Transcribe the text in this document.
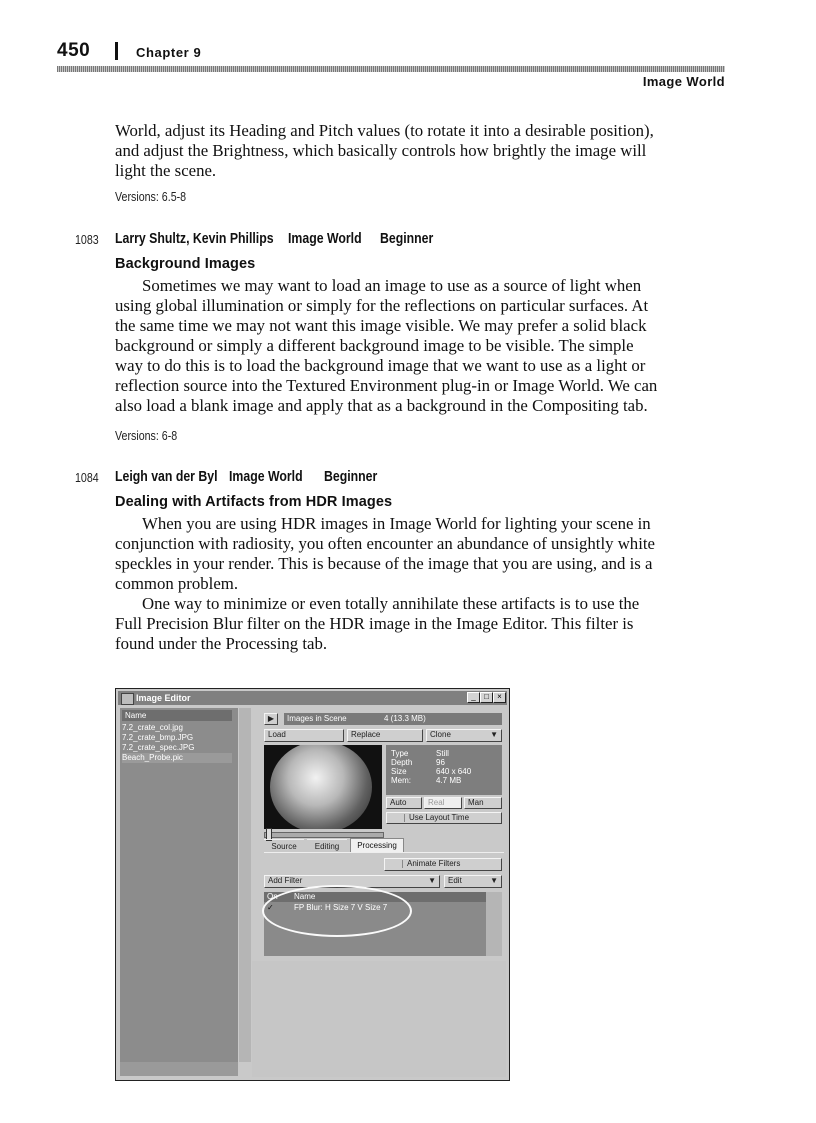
450	Chapter 9
Image World

World, adjust its Heading and Pitch values (to rotate it into a desirable position),

and adjust the Brightness, which basically controls how brightly the image will

light the scene.

Versions: 6.5-8
1083 Larry Shultz, Kevin Phillips Image World Beginner
Background Images

Sometimes we may want to load an image to use as a source of light when

using global illumination or simply for the reflections on particular surfaces. At

the same time we may not want this image visible. We may prefer a solid black

background or simply a different background image to be visible. The simple

way to do this is to load the background image that we want to use as a light or

reflection source into the Textured Environment plug-in or Image World. We can

also load a blank image and apply that as a background in the Compositing tab.

Versions: 6-8
1084 Leigh van der Byl Image World Beginner
Dealing with Artifacts from HDR Images

When you are using HDR images in Image World for lighting your scene in

conjunction with radiosity, you often encounter an abundance of unsightly white

speckles in your render. This is because of the image that you are using, and is a

common problem.

One way to minimize or even totally annihilate these artifacts is to use the

Full Precision Blur filter on the HDR image in the Image Editor. This filter is

found under the Processing tab.

Image Editor	_	□	×
Name
7.2_crate_col.jpg
7.2_crate_bmp.JPG
7.2_crate_spec.JPG
Beach_Probe.pic
▶	Images in Scene	4 (13.3 MB)
Load	Replace	Clone	▼
Type	Still
Depth	96
Size	640 x 640
Mem:	4.7 MB
Auto	Real	Man
Use Layout Time
Source	Editing	Processing
Animate Filters
Add Filter	▼	Edit	▼
On Name
✓	FP Blur: H Size 7 V Size 7
